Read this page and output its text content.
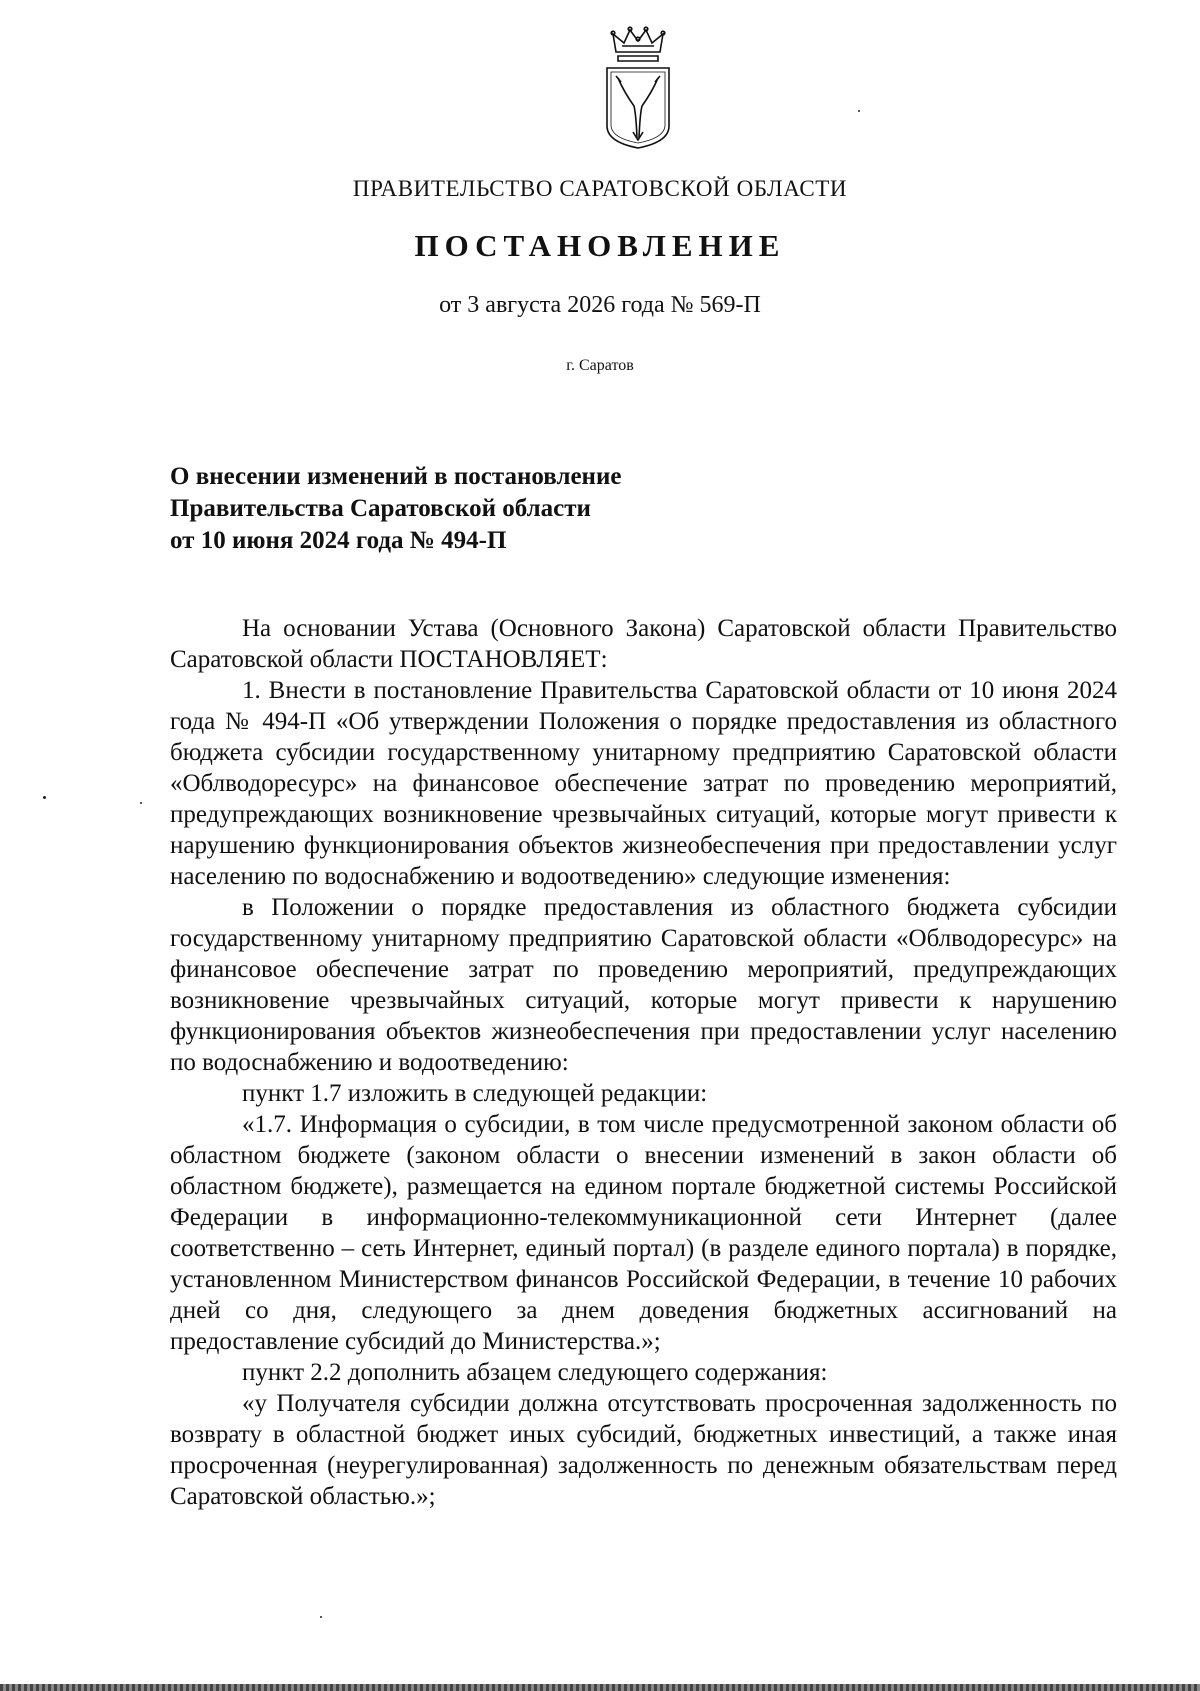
ПРАВИТЕЛЬСТВО САРАТОВСКОЙ ОБЛАСТИ
ПОСТАНОВЛЕНИЕ
от 3 августа 2026 года № 569-П
г. Саратов
О внесении изменений в постановление
Правительства Саратовской области
от 10 июня 2024 года № 494-П

На основании Устава (Основного Закона) Саратовской области Правительство Саратовской области ПОСТАНОВЛЯЕТ:

1. Внести в постановление Правительства Саратовской области от 10 июня 2024 года № 494-П «Об утверждении Положения о порядке предоставления из областного бюджета субсидии государственному унитарному предприятию Саратовской области «Облводоресурс» на финансовое обеспечение затрат по проведению мероприятий, предупреждающих возникновение чрезвычайных ситуаций, которые могут привести к нарушению функционирования объектов жизнеобеспечения при предоставлении услуг населению по водоснабжению и водоотведению» следующие изменения:

в Положении о порядке предоставления из областного бюджета субсидии государственному унитарному предприятию Саратовской области «Облводоресурс» на финансовое обеспечение затрат по проведению мероприятий, предупреждающих возникновение чрезвычайных ситуаций, которые могут привести к нарушению функционирования объектов жизнеобеспечения при предоставлении услуг населению по водоснабжению и водоотведению:

пункт 1.7 изложить в следующей редакции:

«1.7. Информация о субсидии, в том числе предусмотренной законом области об областном бюджете (законом области о внесении изменений в закон области об областном бюджете), размещается на едином портале бюджетной системы Российской Федерации в информационно-телекоммуникационной сети Интернет (далее соответственно – сеть Интернет, единый портал) (в разделе единого портала) в порядке, установленном Министерством финансов Российской Федерации, в течение 10 рабочих дней со дня, следующего за днем доведения бюджетных ассигнований на предоставление субсидий до Министерства.»;

пункт 2.2 дополнить абзацем следующего содержания:

«у Получателя субсидии должна отсутствовать просроченная задолженность по возврату в областной бюджет иных субсидий, бюджетных инвестиций, а также иная просроченная (неурегулированная) задолженность по денежным обязательствам перед Саратовской областью.»;
